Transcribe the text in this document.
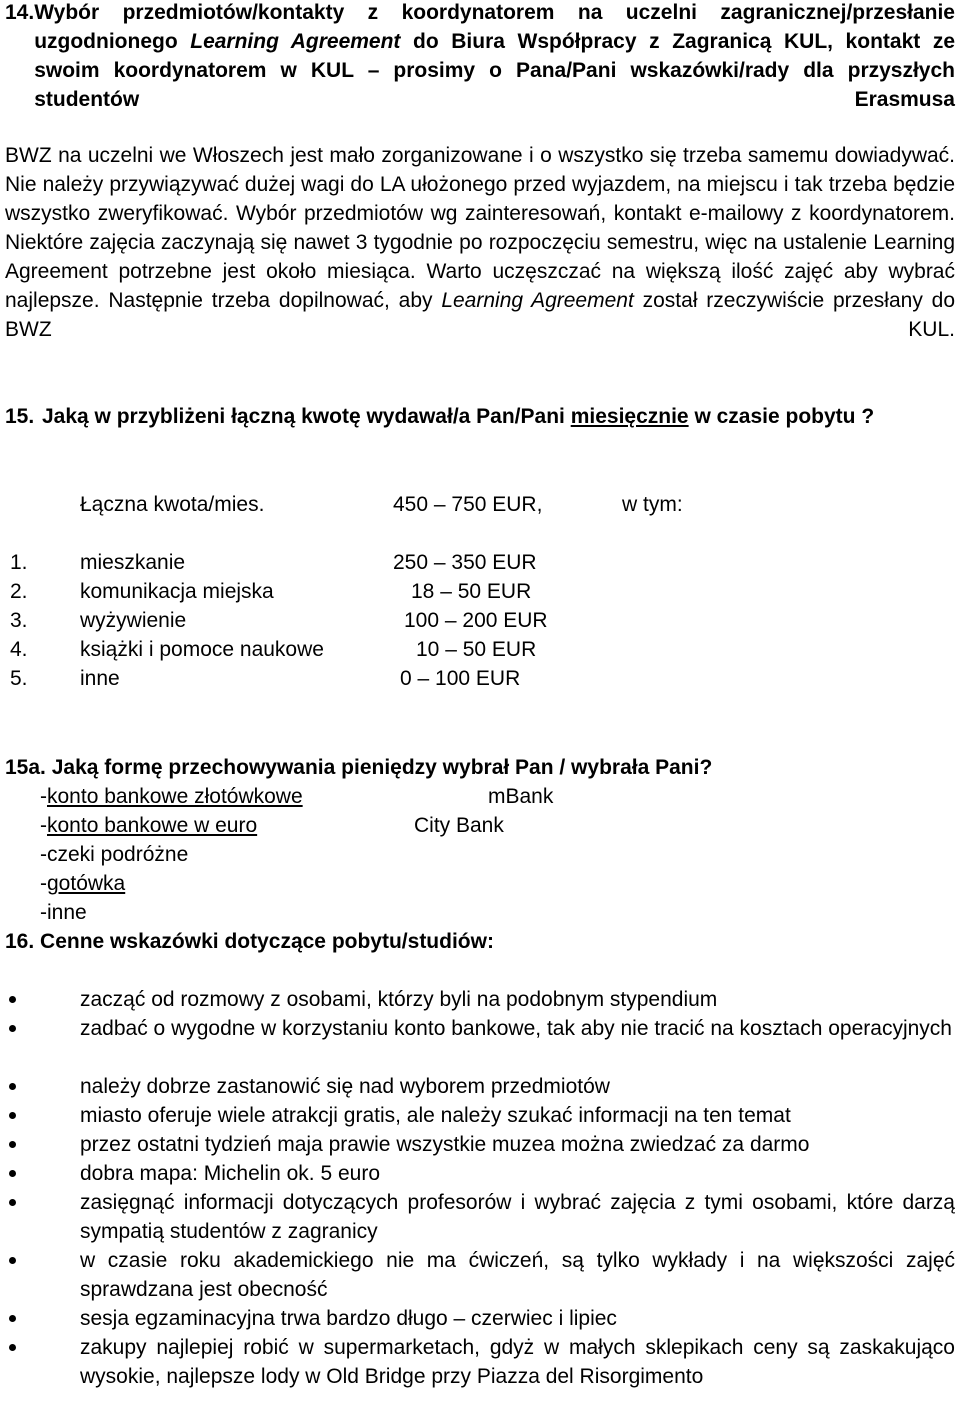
14. Wybór przedmiotów/kontakty z koordynatorem na uczelni zagranicznej/przesłanie uzgodnionego Learning Agreement do Biura Współpracy z Zagranicą KUL, kontakt ze swoim koordynatorem w KUL – prosimy o Pana/Pani wskazówki/rady dla przyszłych studentów Erasmusa

BWZ na uczelni we Włoszech jest mało zorganizowane i o wszystko się trzeba samemu dowiadywać. Nie należy przywiązywać dużej wagi do LA ułożonego przed wyjazdem, na miejscu i tak trzeba będzie wszystko zweryfikować. Wybór przedmiotów wg zainteresowań, kontakt e-mailowy z koordynatorem. Niektóre zajęcia zaczynają się nawet 3 tygodnie po rozpoczęciu semestru, więc na ustalenie Learning Agreement potrzebne jest około miesiąca. Warto uczęszczać na większą ilość zajęć aby wybrać najlepsze. Następnie trzeba dopilnować, aby Learning Agreement został rzeczywiście przesłany do BWZ KUL.

15. Jaką w przybliżeni łączną kwotę wydawał/a Pan/Pani miesięcznie w czasie pobytu ?
Łączna kwota/mies.	450 – 750 EUR,	w tym:
1. mieszkanie	250 – 350 EUR
2. komunikacja miejska	18 – 50 EUR
3. wyżywienie	100 – 200 EUR
4. książki i pomoce naukowe	10 – 50 EUR
5. inne	0 – 100 EUR
15a. Jaką formę przechowywania pieniędzy wybrał Pan / wybrała Pani?
-konto bankowe złotówkowe	mBank
-konto bankowe w euro	City Bank
-czeki podróżne
-gotówka
-inne
16. Cenne wskazówki dotyczące pobytu/studiów:
zacząć od rozmowy z osobami, którzy byli na podobnym stypendium
zadbać o wygodne w korzystaniu konto bankowe, tak aby nie tracić na kosztach operacyjnych
należy dobrze zastanowić się nad wyborem przedmiotów
miasto oferuje wiele atrakcji gratis, ale należy szukać informacji na ten temat
przez ostatni tydzień maja prawie wszystkie muzea można zwiedzać za darmo
dobra mapa: Michelin ok. 5 euro
zasięgnąć informacji dotyczących profesorów i wybrać zajęcia z tymi osobami, które darzą sympatią studentów z zagranicy
w czasie roku akademickiego nie ma ćwiczeń, są tylko wykłady i na większości zajęć sprawdzana jest obecność
sesja egzaminacyjna trwa bardzo długo – czerwiec i lipiec
zakupy najlepiej robić w supermarketach, gdyż w małych sklepikach ceny są zaskakująco wysokie, najlepsze lody w Old Bridge przy Piazza del Risorgimento
